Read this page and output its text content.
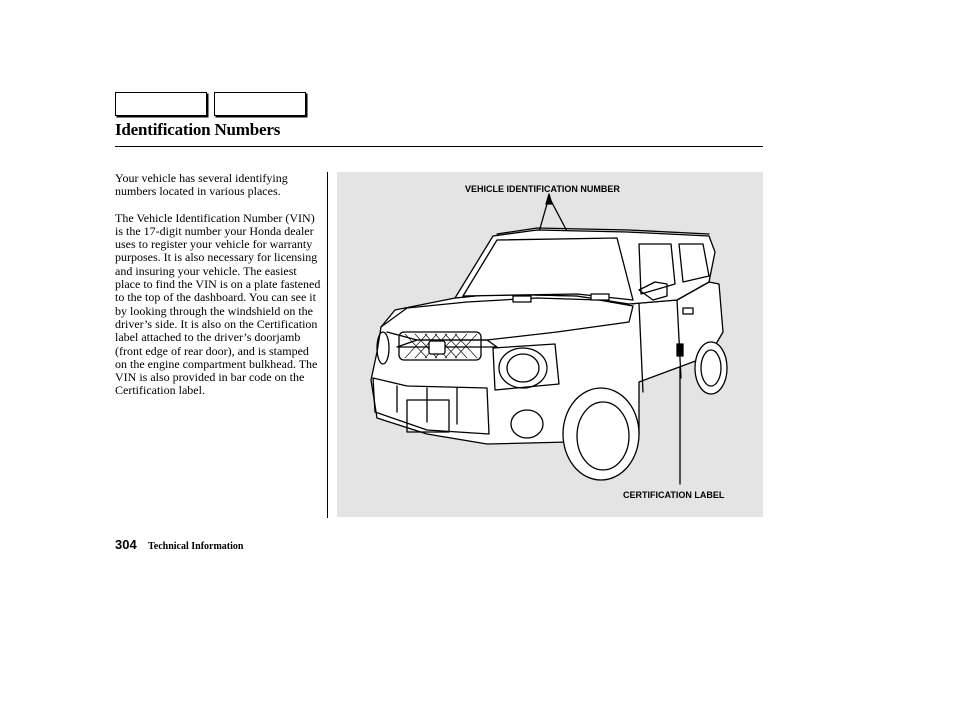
Identification Numbers

Your vehicle has several identifying numbers located in various places.

The Vehicle Identification Number (VIN) is the 17-digit number your Honda dealer uses to register your vehicle for warranty purposes. It is also necessary for licensing and insuring your vehicle. The easiest place to find the VIN is on a plate fastened to the top of the dashboard. You can see it by looking through the windshield on the driver’s side. It is also on the Certification label attached to the driver’s doorjamb (front edge of rear door), and is stamped on the engine compartment bulkhead. The VIN is also provided in bar code on the Certification label.

VEHICLE IDENTIFICATION NUMBER
CERTIFICATION LABEL
304 Technical Information
